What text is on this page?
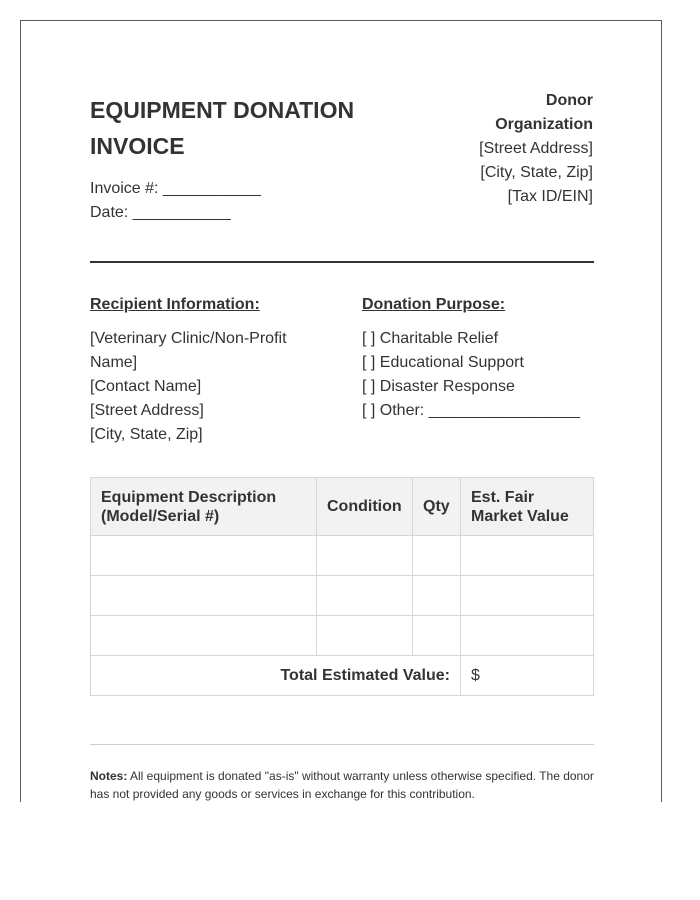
EQUIPMENT DONATION INVOICE
Invoice #: ___________
Date: ___________
Donor Organization
[Street Address]
[City, State, Zip]
[Tax ID/EIN]
Recipient Information:
[Veterinary Clinic/Non-Profit Name]
[Contact Name]
[Street Address]
[City, State, Zip]
Donation Purpose:
[ ] Charitable Relief
[ ] Educational Support
[ ] Disaster Response
[ ] Other: _________________
Equipment Description (Model/Serial #)	Condition	Qty	Est. Fair Market Value

Total Estimated Value:			$
Notes: All equipment is donated "as-is" without warranty unless otherwise specified. The donor has not provided any goods or services in exchange for this contribution.
